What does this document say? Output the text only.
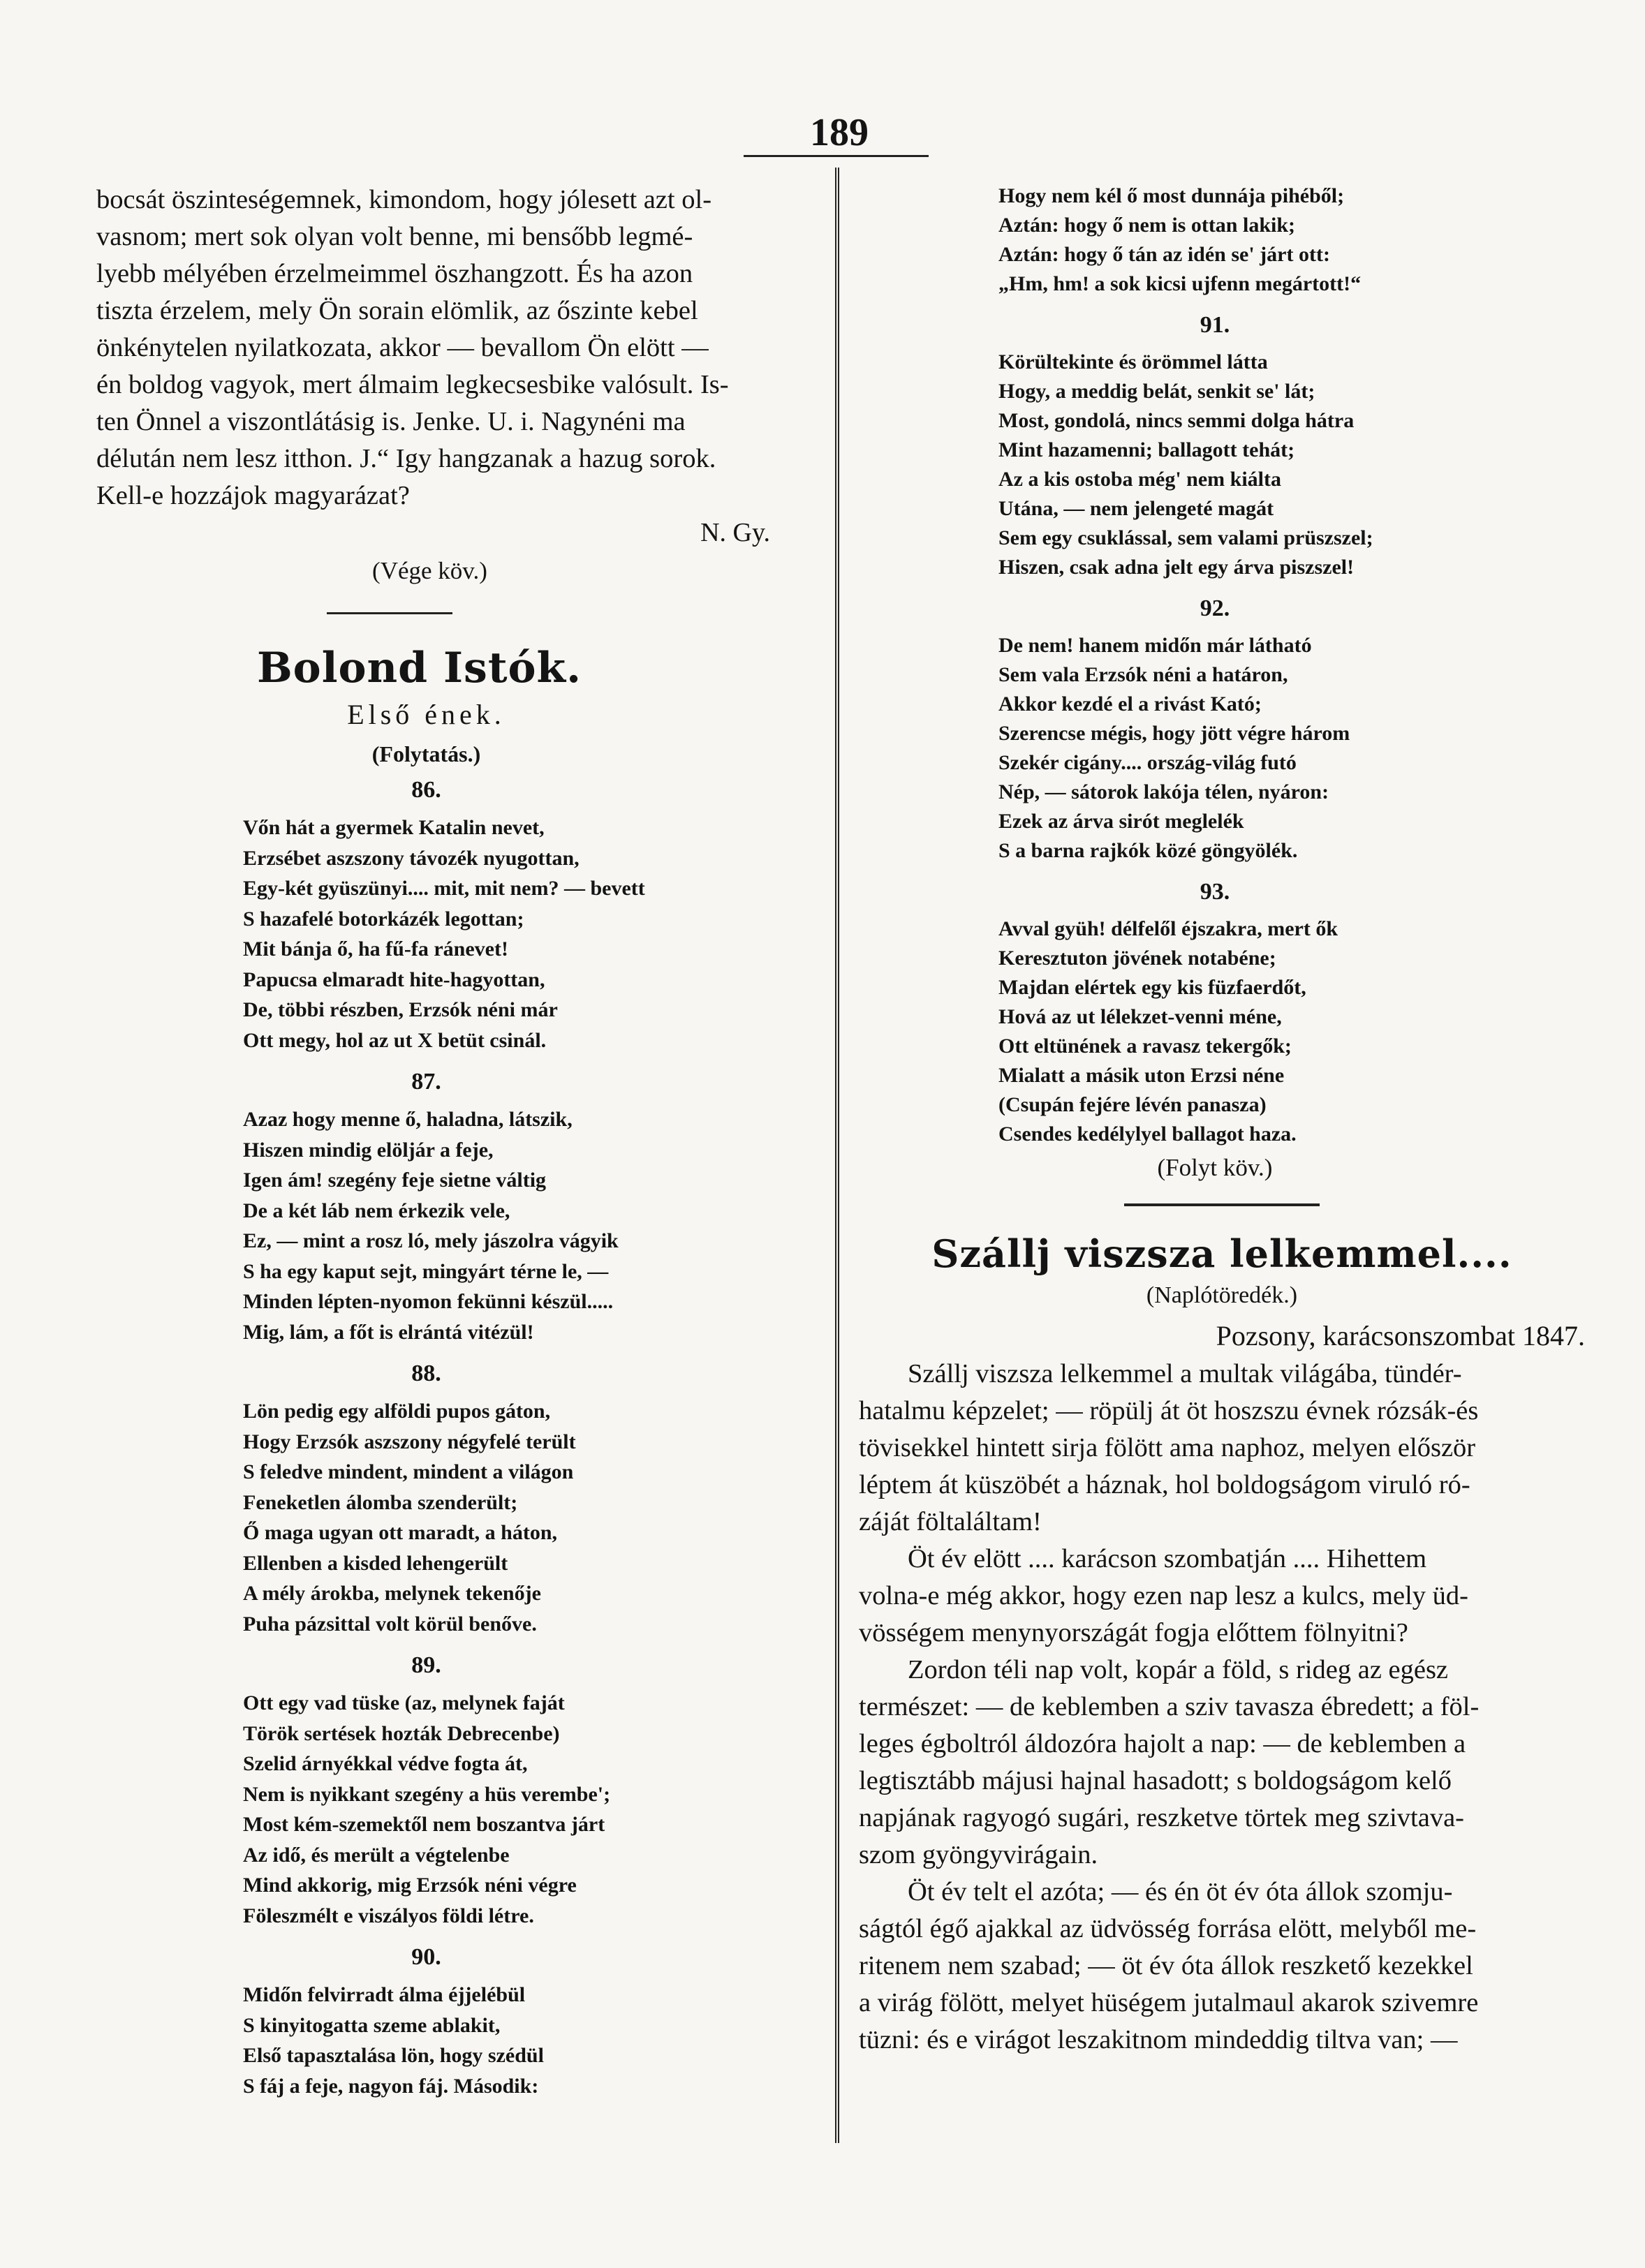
189
bocsát öszinteségemnek, kimondom, hogy jólesett azt ol-
vasnom; mert sok olyan volt benne, mi bensőbb legmé-
lyebb mélyében érzelmeimmel öszhangzott. És ha azon
tiszta érzelem, mely Ön sorain elömlik, az őszinte kebel
önkénytelen nyilatkozata, akkor — bevallom Ön elött —
én boldog vagyok, mert álmaim legkecsesbike valósult. Is-
ten Önnel a viszontlátásig is. Jenke. U. i. Nagynéni ma
délután nem lesz itthon. J.“ Igy hangzanak a hazug sorok.
Kell-e hozzájok magyarázat?

N. Gy.

(Vége köv.)

Bolond Istók.
Első ének.
(Folytatás.)
86.
Vőn hát a gyermek Katalin nevet,
Erzsébet aszszony távozék nyugottan,
Egy-két gyüszünyi.... mit, mit nem? — bevett
S hazafelé botorkázék legottan;
Mit bánja ő, ha fű-fa ránevet!
Papucsa elmaradt hite-hagyottan,
De, többi részben, Erzsók néni már
Ott megy, hol az ut X betüt csinál.
87.
Azaz hogy menne ő, haladna, látszik,
Hiszen mindig elöljár a feje,
Igen ám! szegény feje sietne váltig
De a két láb nem érkezik vele,
Ez, — mint a rosz ló, mely jászolra vágyik
S ha egy kaput sejt, mingyárt térne le, —
Minden lépten-nyomon fekünni készül.....
Mig, lám, a főt is elrántá vitézül!
88.
Lön pedig egy alföldi pupos gáton,
Hogy Erzsók aszszony négyfelé terült
S feledve mindent, mindent a világon
Feneketlen álomba szenderült;
Ő maga ugyan ott maradt, a háton,
Ellenben a kisded lehengerült
A mély árokba, melynek tekenője
Puha pázsittal volt körül benőve.
89.
Ott egy vad tüske (az, melynek faját
Török sertések hozták Debrecenbe)
Szelid árnyékkal védve fogta át,
Nem is nyikkant szegény a hüs verembe';
Most kém-szemektől nem boszantva járt
Az idő, és merült a végtelenbe
Mind akkorig, mig Erzsók néni végre
Föleszmélt e viszályos földi létre.
90.
Midőn felvirradt álma éjjelébül
S kinyitogatta szeme ablakit,
Első tapasztalása lön, hogy szédül
S fáj a feje, nagyon fáj. Második:
Hogy nem kél ő most dunnája pihéből;
Aztán: hogy ő nem is ottan lakik;
Aztán: hogy ő tán az idén se' járt ott:
„Hm, hm! a sok kicsi ujfenn megártott!“
91.
Körültekinte és örömmel látta
Hogy, a meddig belát, senkit se' lát;
Most, gondolá, nincs semmi dolga hátra
Mint hazamenni; ballagott tehát;
Az a kis ostoba még' nem kiálta
Utána, — nem jelengeté magát
Sem egy csuklással, sem valami prüszszel;
Hiszen, csak adna jelt egy árva piszszel!
92.
De nem! hanem midőn már látható
Sem vala Erzsók néni a határon,
Akkor kezdé el a rivást Kató;
Szerencse mégis, hogy jött végre három
Szekér cigány.... ország-világ futó
Nép, — sátorok lakója télen, nyáron:
Ezek az árva sirót meglelék
S a barna rajkók közé göngyölék.
93.
Avval gyüh! délfelől éjszakra, mert ők
Keresztuton jövének notabéne;
Majdan elértek egy kis füzfaerdőt,
Hová az ut lélekzet-venni méne,
Ott eltünének a ravasz tekergők;
Mialatt a másik uton Erzsi néne
(Csupán fejére lévén panasza)
Csendes kedélylyel ballagot haza.
(Folyt köv.)
Szállj viszsza lelkemmel....
(Naplótöredék.)
Pozsony, karácsonszombat 1847.
Szállj viszsza lelkemmel a multak világába, tündér-
hatalmu képzelet; — röpülj át öt hoszszu évnek rózsák-és
tövisekkel hintett sirja fölött ama naphoz, melyen először
léptem át küszöbét a háznak, hol boldogságom viruló ró-
záját föltaláltam!
Öt év elött .... karácson szombatján .... Hihettem
volna-e még akkor, hogy ezen nap lesz a kulcs, mely üd-
vösségem menynyországát fogja előttem fölnyitni?
Zordon téli nap volt, kopár a föld, s rideg az egész
természet: — de keblemben a sziv tavasza ébredett; a föl-
leges égboltról áldozóra hajolt a nap: — de keblemben a
legtisztább májusi hajnal hasadott; s boldogságom kelő
napjának ragyogó sugári, reszketve törtek meg szivtava-
szom gyöngyvirágain.
Öt év telt el azóta; — és én öt év óta állok szomju-
ságtól égő ajakkal az üdvösség forrása elött, melyből me-
ritenem nem szabad; — öt év óta állok reszkető kezekkel
a virág fölött, melyet hüségem jutalmaul akarok szivemre
tüzni: és e virágot leszakitnom mindeddig tiltva van; —
